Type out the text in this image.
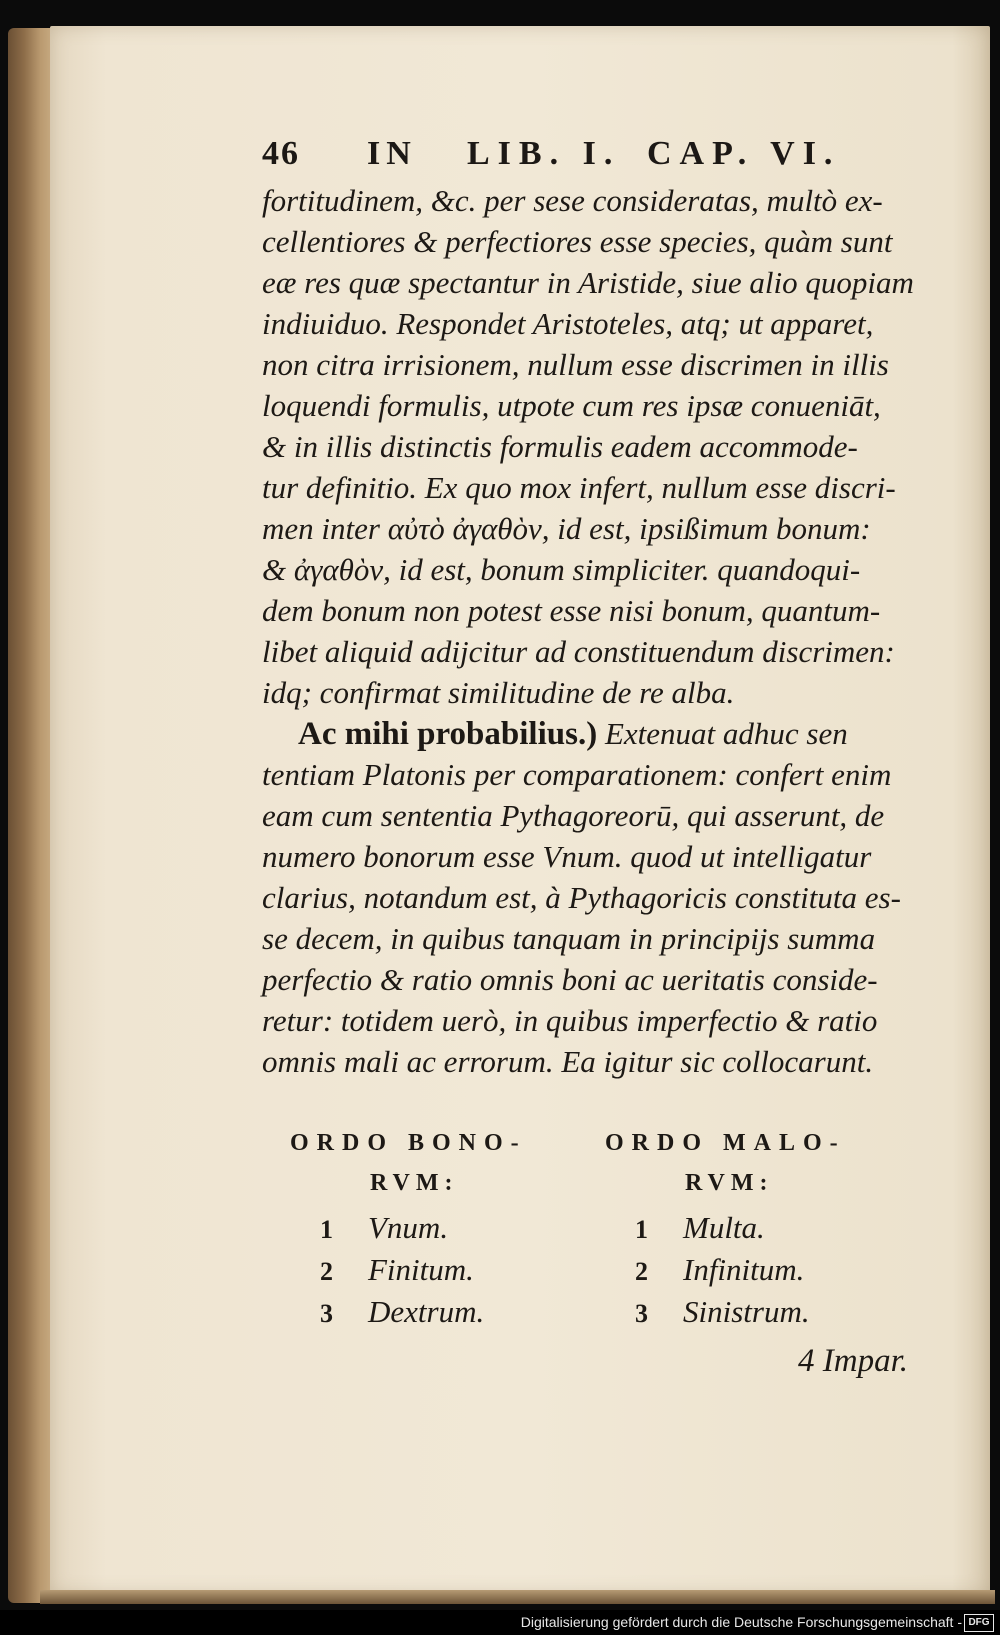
46 IN LIB. I. CAP. VI.
fortitudinem, &c. per sese consideratas, multò ex-
cellentiores & perfectiores esse species, quàm sunt
eæ res quæ spectantur in Aristide, siue alio quopiam
indiuiduo. Respondet Aristoteles, atq; ut apparet,
non citra irrisionem, nullum esse discrimen in illis
loquendi formulis, utpote cum res ipsæ conueniāt,
& in illis distinctis formulis eadem accommode-
tur definitio. Ex quo mox infert, nullum esse discri-
men inter αὐτὸ ἀγαθὸν, id est, ipsißimum bonum:
& ἀγαθὸν, id est, bonum simpliciter. quandoqui-
dem bonum non potest esse nisi bonum, quantum-
libet aliquid adijcitur ad constituendum discrimen:
idq; confirmat similitudine de re alba.
Ac mihi probabilius.) Extenuat adhuc sen
tentiam Platonis per comparationem: confert enim
eam cum sententia Pythagoreorū, qui asserunt, de
numero bonorum esse Vnum. quod ut intelligatur
clarius, notandum est, à Pythagoricis constituta es-
se decem, in quibus tanquam in principijs summa
perfectio & ratio omnis boni ac ueritatis conside-
retur: totidem uerò, in quibus imperfectio & ratio
omnis mali ac errorum. Ea igitur sic collocarunt.
ORDO BONO-
RVM:
1 Vnum.
2 Finitum.
3 Dextrum.
ORDO MALO-
RVM:
1 Multa.
2 Infinitum.
3 Sinistrum.
4 Impar.
Digitalisierung gefördert durch die Deutsche Forschungsgemeinschaft - DFG
